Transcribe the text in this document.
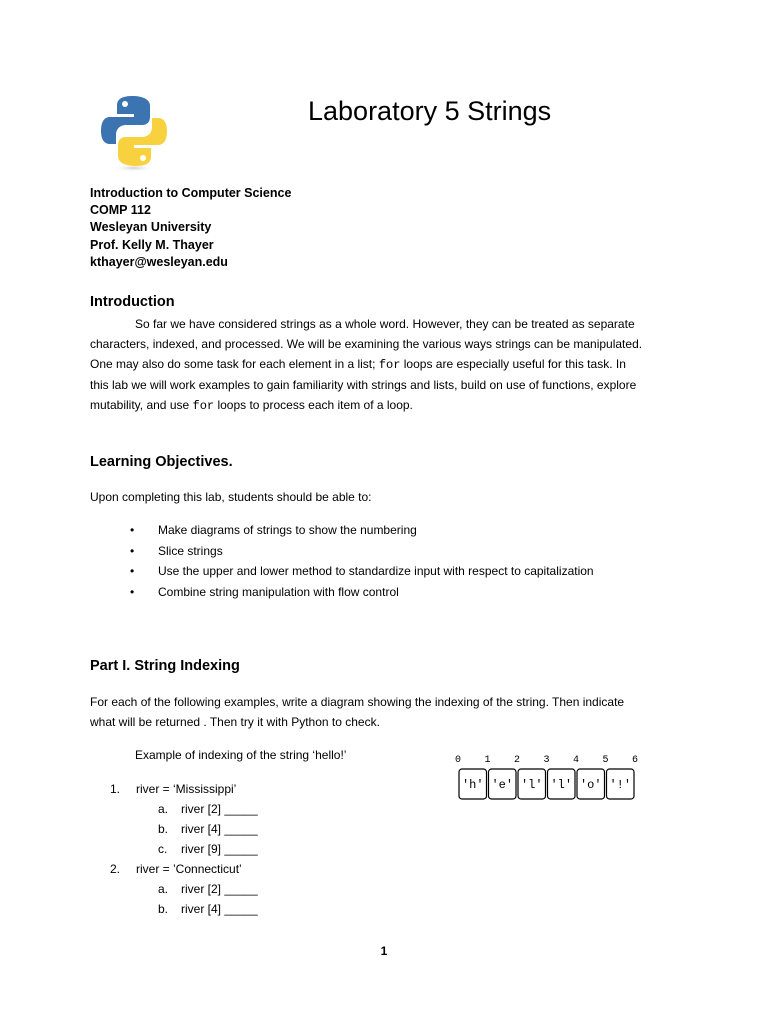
Laboratory 5 Strings
Introduction to Computer Science
COMP 112
Wesleyan University
Prof. Kelly M. Thayer
kthayer@wesleyan.edu
Introduction
So far we have considered strings as a whole word. However, they can be treated as separate
characters, indexed, and processed. We will be examining the various ways strings can be manipulated.
One may also do some task for each element in a list; for loops are especially useful for this task. In
this lab we will work examples to gain familiarity with strings and lists, build on use of functions, explore
mutability, and use for loops to process each item of a loop.
Learning Objectives.
Upon completing this lab, students should be able to:
•	Make diagrams of strings to show the numbering
•	Slice strings
•	Use the upper and lower method to standardize input with respect to capitalization
•	Combine string manipulation with flow control
Part I. String Indexing
For each of the following examples, write a diagram showing the indexing of the string. Then indicate
what will be returned . Then try it with Python to check.
Example of indexing of the string ‘hello!’	0 1 2 3 4 5 6
'h' 'e' 'l' 'l' 'o' '!'
1. river = ‘Mississippi’
a. river [2] _____
b. river [4] _____
c. river [9] _____
2. river = ’Connecticut’
a. river [2] _____
b. river [4] _____
1
